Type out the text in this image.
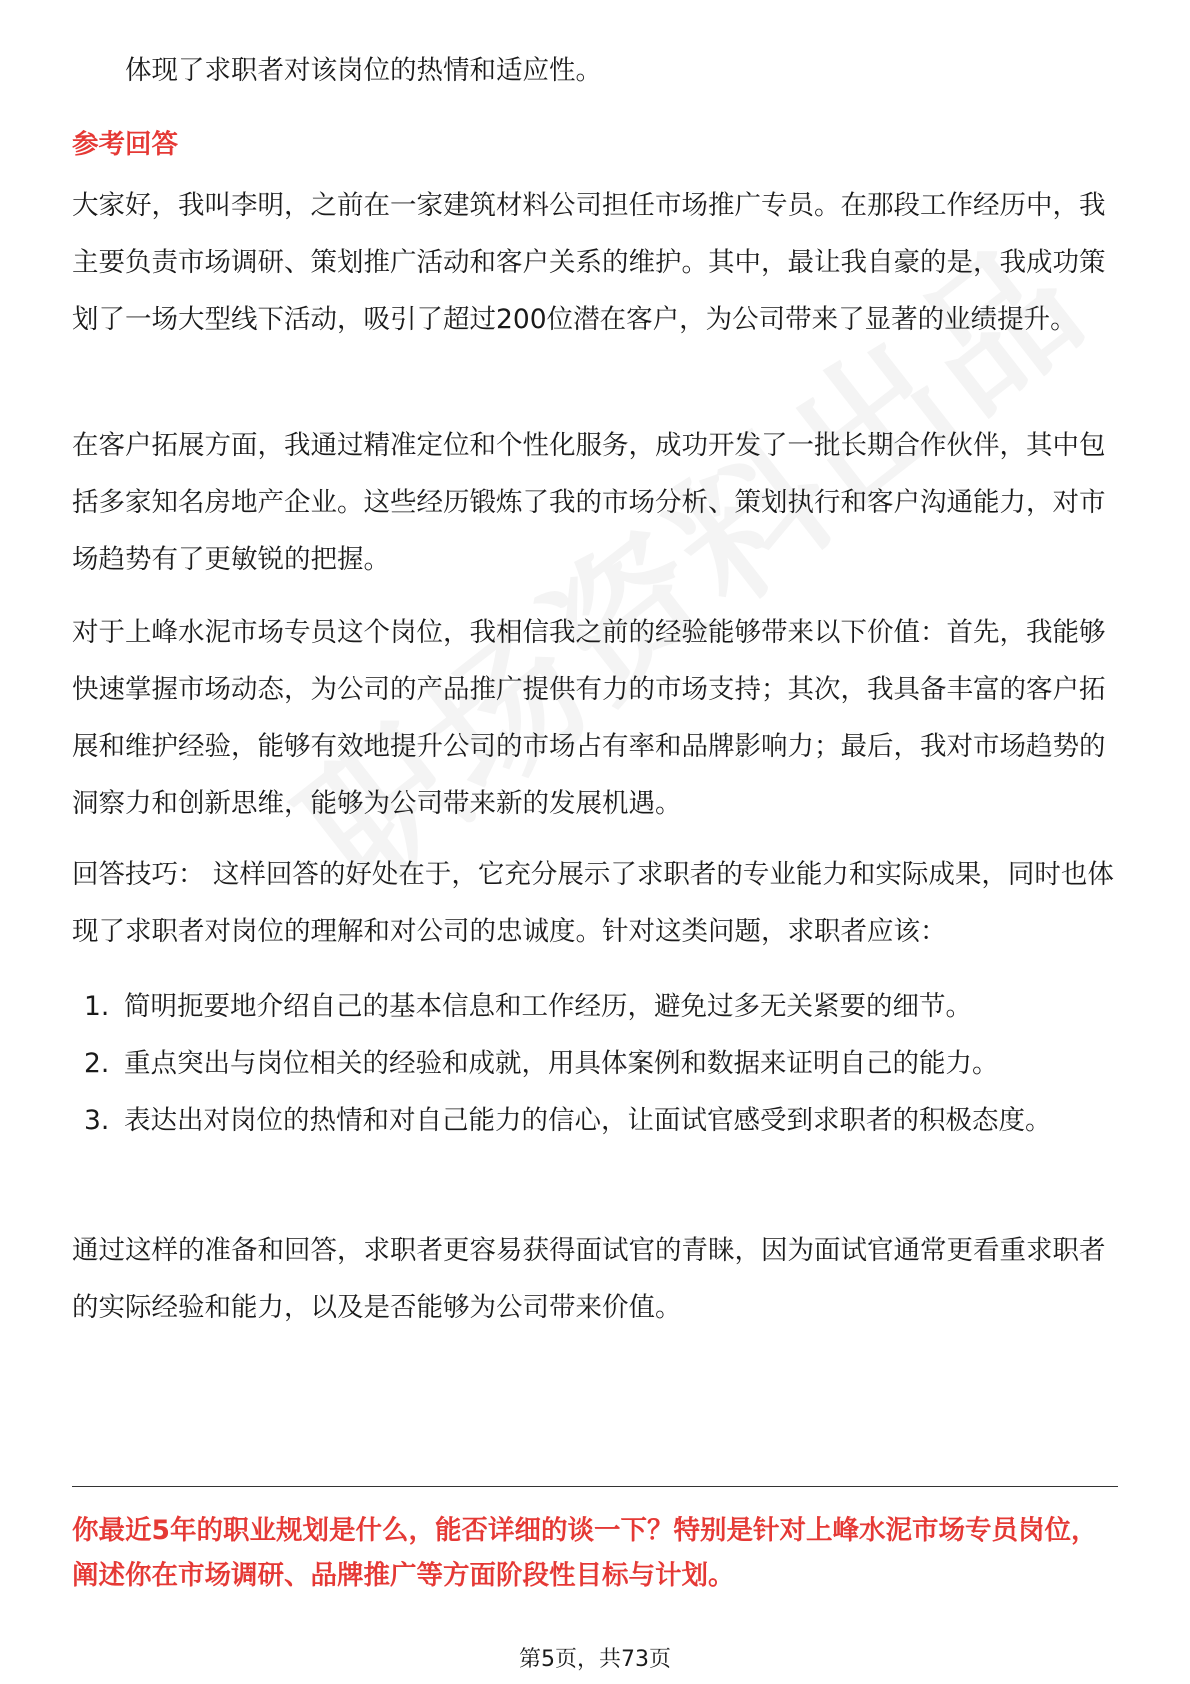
体现了求职者对该岗位的热情和适应性。
参考回答

大家好，我叫李明，之前在一家建筑材料公司担任市场推广专员。在那段工作经历中，我主要负责市场调研、策划推广活动和客户关系的维护。其中，最让我自豪的是，我成功策划了一场大型线下活动，吸引了超过200位潜在客户，为公司带来了显著的业绩提升。

在客户拓展方面，我通过精准定位和个性化服务，成功开发了一批长期合作伙伴，其中包括多家知名房地产企业。这些经历锻炼了我的市场分析、策划执行和客户沟通能力，对市场趋势有了更敏锐的把握。

对于上峰水泥市场专员这个岗位，我相信我之前的经验能够带来以下价值：首先，我能够快速掌握市场动态，为公司的产品推广提供有力的市场支持；其次，我具备丰富的客户拓展和维护经验，能够有效地提升公司的市场占有率和品牌影响力；最后，我对市场趋势的洞察力和创新思维，能够为公司带来新的发展机遇。

回答技巧： 这样回答的好处在于，它充分展示了求职者的专业能力和实际成果，同时也体现了求职者对岗位的理解和对公司的忠诚度。针对这类问题，求职者应该：

1. 简明扼要地介绍自己的基本信息和工作经历，避免过多无关紧要的细节。
2. 重点突出与岗位相关的经验和成就，用具体案例和数据来证明自己的能力。
3. 表达出对岗位的热情和对自己能力的信心，让面试官感受到求职者的积极态度。

通过这样的准备和回答，求职者更容易获得面试官的青睐，因为面试官通常更看重求职者的实际经验和能力，以及是否能够为公司带来价值。

你最近5年的职业规划是什么，能否详细的谈一下？特别是针对上峰水泥市场专员岗位，阐述你在市场调研、品牌推广等方面阶段性目标与计划。
第5页，共73页
